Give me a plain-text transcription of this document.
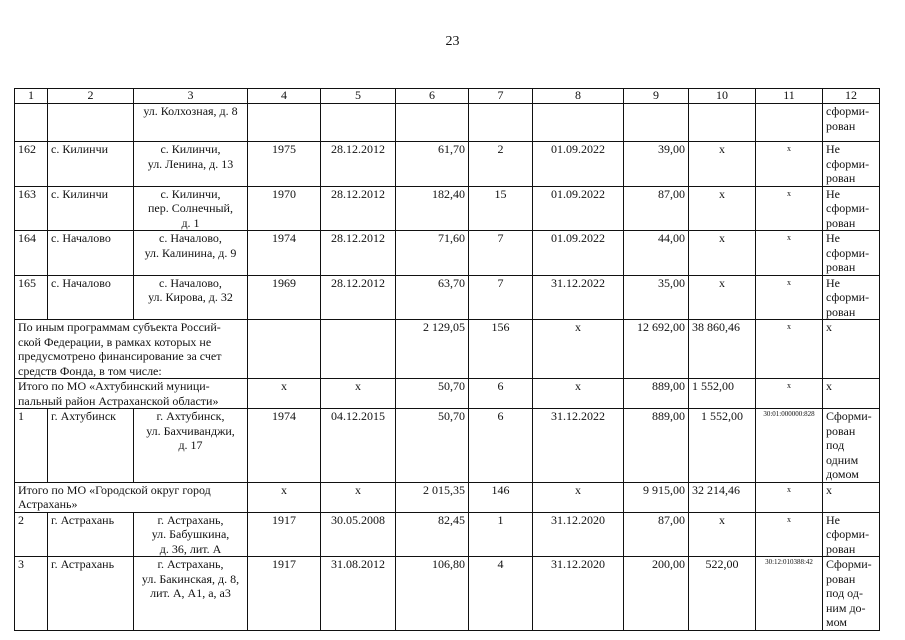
23
1	2	3	4	5	6	7	8	9	10	11	12
		ул. Колхозная, д. 8									сформи-
рован
162	с. Килинчи	с. Килинчи,
ул. Ленина, д. 13	1975	28.12.2012	61,70	2	01.09.2022	39,00	х	х	Не
сформи-
рован
163	с. Килинчи	с. Килинчи,
пер. Солнечный,
д. 1	1970	28.12.2012	182,40	15	01.09.2022	87,00	х	х	Не
сформи-
рован
164	с. Началово	с. Началово,
ул. Калинина, д. 9	1974	28.12.2012	71,60	7	01.09.2022	44,00	х	х	Не
сформи-
рован
165	с. Началово	с. Началово,
ул. Кирова, д. 32	1969	28.12.2012	63,70	7	31.12.2022	35,00	х	х	Не
сформи-
рован
По иным программам субъекта Россий-
ской Федерации, в рамках которых не
предусмотрено финансирование за счет
средств Фонда, в том числе:					2 129,05	156	х	12 692,00	38 860,46	х	х
Итого по МО «Ахтубинский муници-
пальный район Астраханской области»			х	х	50,70	6	х	889,00	1 552,00	х	х
1	г. Ахтубинск	г. Ахтубинск,
ул. Бахчиванджи,
д. 17	1974	04.12.2015	50,70	6	31.12.2022	889,00	1 552,00	30:01:000000:828	Сформи-
рован под
одним
домом
Итого по МО «Городской округ город
Астрахань»			х	х	2 015,35	146	х	9 915,00	32 214,46	х	х
2	г. Астрахань	г. Астрахань,
ул. Бабушкина,
д. 36, лит. А	1917	30.05.2008	82,45	1	31.12.2020	87,00	х	х	Не
сформи-
рован
3	г. Астрахань	г. Астрахань,
ул. Бакинская, д. 8,
лит. А, А1, а, а3	1917	31.08.2012	106,80	4	31.12.2020	200,00	522,00	30:12:010388:42	Сформи-
рован
под од-
ним до-
мом
